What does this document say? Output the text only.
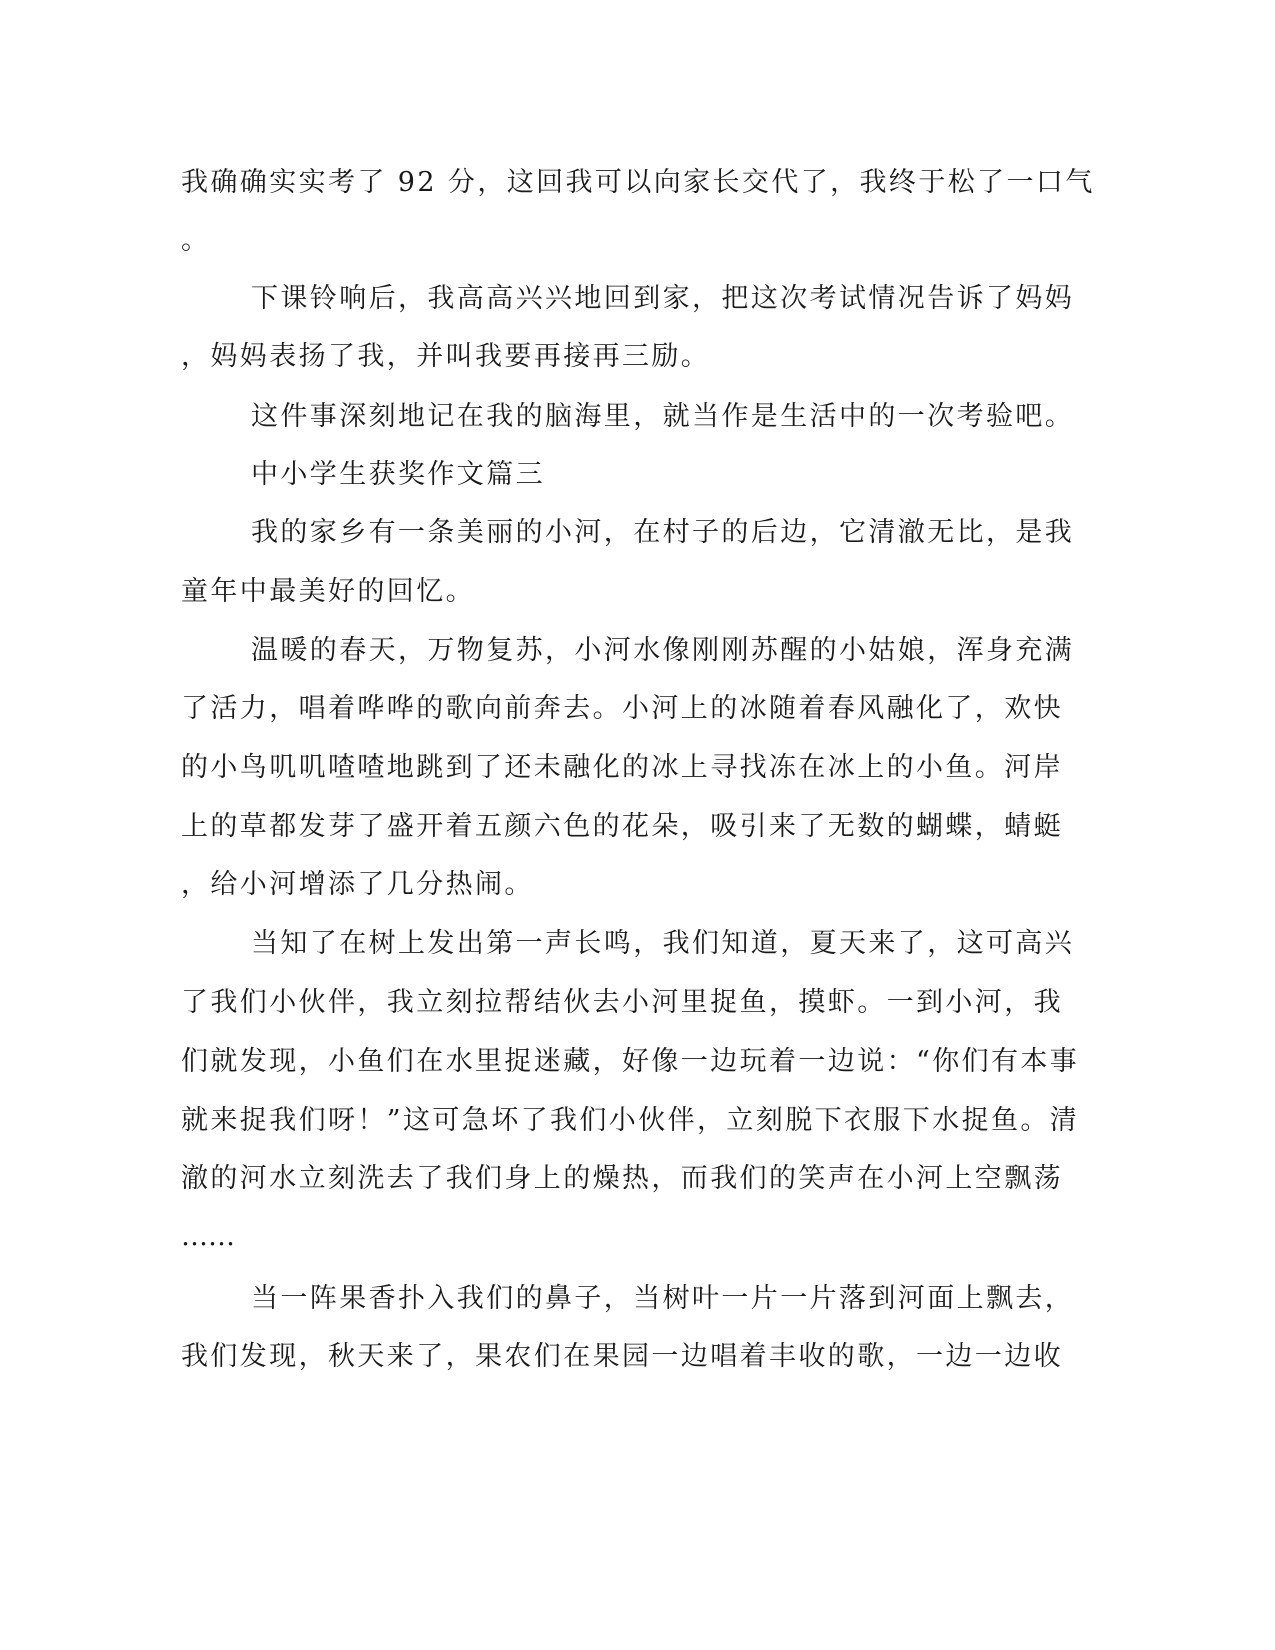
我确确实实考了 92 分，这回我可以向家长交代了，我终于松了一口气
。
下课铃响后，我高高兴兴地回到家，把这次考试情况告诉了妈妈
，妈妈表扬了我，并叫我要再接再三励。
这件事深刻地记在我的脑海里，就当作是生活中的一次考验吧。
中小学生获奖作文篇三
我的家乡有一条美丽的小河，在村子的后边，它清澈无比，是我
童年中最美好的回忆。
温暖的春天，万物复苏，小河水像刚刚苏醒的小姑娘，浑身充满
了活力，唱着哗哗的歌向前奔去。小河上的冰随着春风融化了，欢快
的小鸟叽叽喳喳地跳到了还未融化的冰上寻找冻在冰上的小鱼。河岸
上的草都发芽了盛开着五颜六色的花朵，吸引来了无数的蝴蝶，蜻蜓
，给小河增添了几分热闹。
当知了在树上发出第一声长鸣，我们知道，夏天来了，这可高兴
了我们小伙伴，我立刻拉帮结伙去小河里捉鱼，摸虾。一到小河，我
们就发现，小鱼们在水里捉迷藏，好像一边玩着一边说：“你们有本事
就来捉我们呀！”这可急坏了我们小伙伴，立刻脱下衣服下水捉鱼。清
澈的河水立刻洗去了我们身上的燥热，而我们的笑声在小河上空飘荡
……
当一阵果香扑入我们的鼻子，当树叶一片一片落到河面上飘去，
我们发现，秋天来了，果农们在果园一边唱着丰收的歌，一边一边收
